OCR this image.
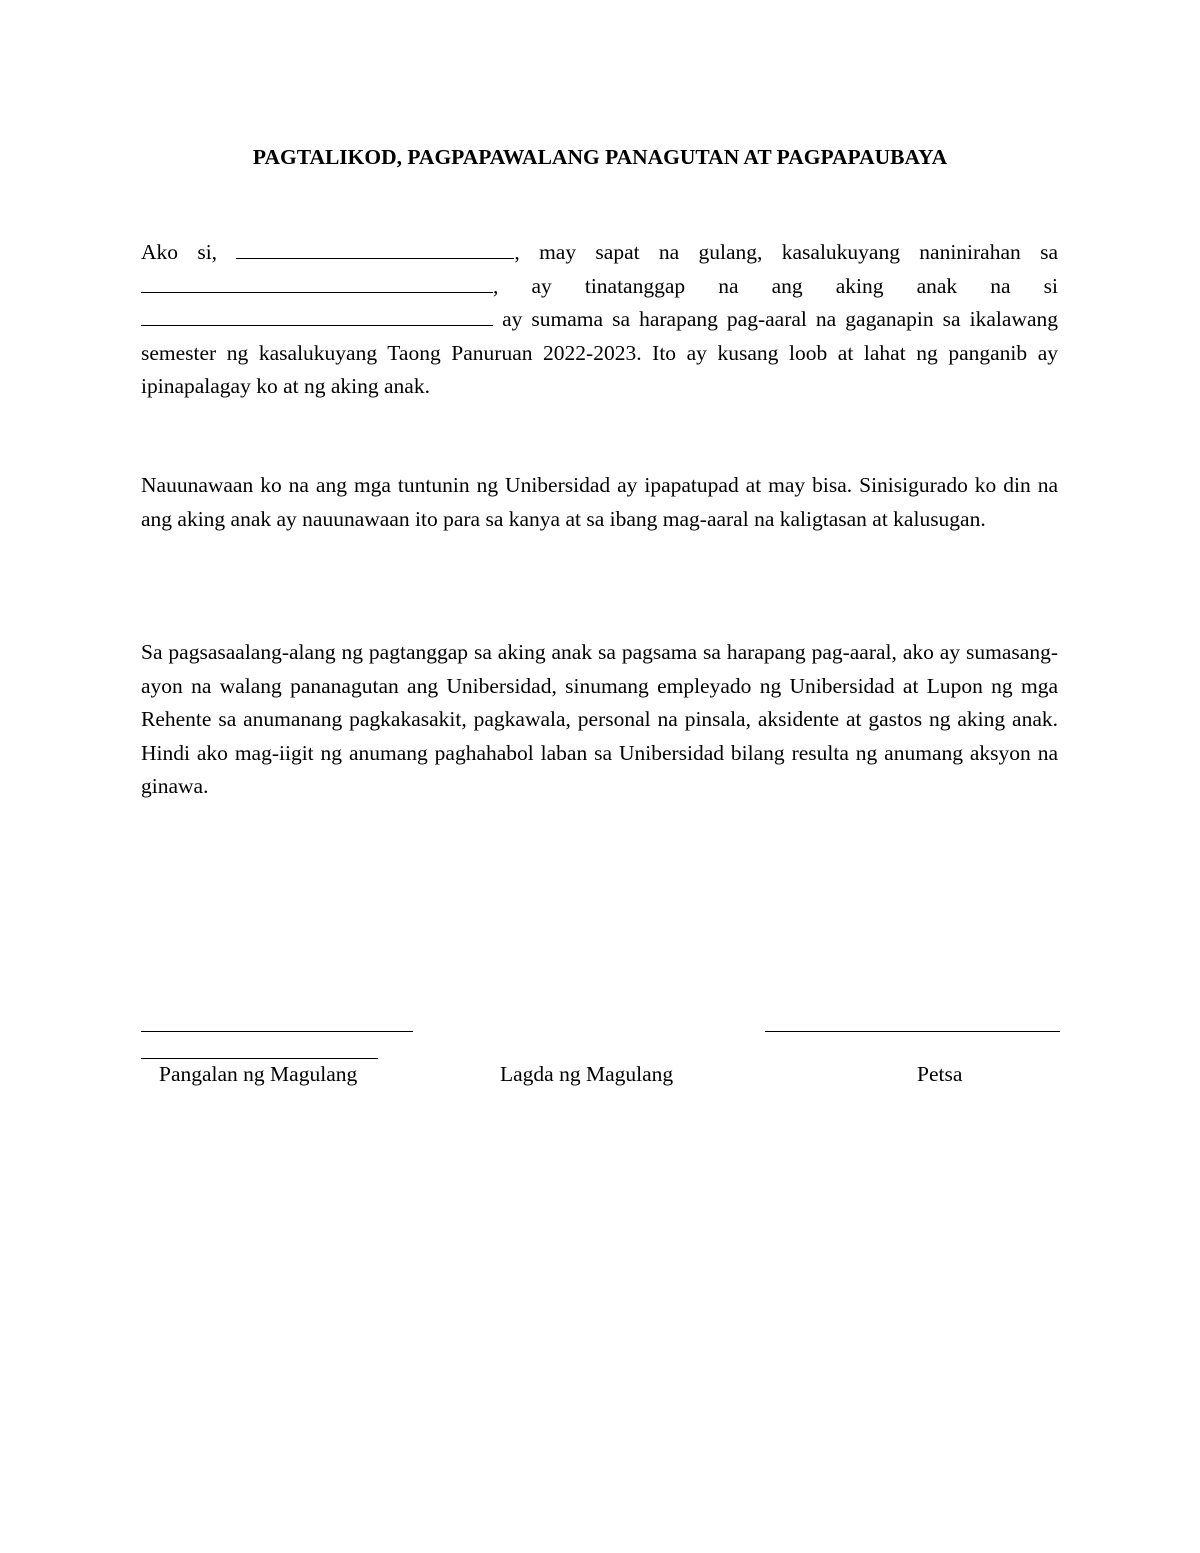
PAGTALIKOD, PAGPAPAWALANG PANAGUTAN AT PAGPAPAUBAYA

Ako si,	, may sapat na gulang, kasalukuyang naninirahan sa , ay tinatanggap na ang aking anak na si  ay sumama sa harapang pag-aaral na gaganapin sa ikalawang semester ng kasalukuyang Taong Panuruan 2022-2023. Ito ay kusang loob at lahat ng panganib ay ipinapalagay ko at ng aking anak.

Nauunawaan ko na ang mga tuntunin ng Unibersidad ay ipapatupad at may bisa. Sinisigurado ko din na ang aking anak ay nauunawaan ito para sa kanya at sa ibang mag-aaral na kaligtasan at kalusugan.

Sa pagsasaalang-alang ng pagtanggap sa aking anak sa pagsama sa harapang pag-aaral, ako ay sumasang-ayon na walang pananagutan ang Unibersidad, sinumang empleyado ng Unibersidad at Lupon ng mga Rehente sa anumanang pagkakasakit, pagkawala, personal na pinsala, aksidente at gastos ng aking anak. Hindi ako mag-iigit ng anumang paghahabol laban sa Unibersidad bilang resulta ng anumang aksyon na ginawa.

Pangalan ng Magulang	Lagda ng Magulang	Petsa
